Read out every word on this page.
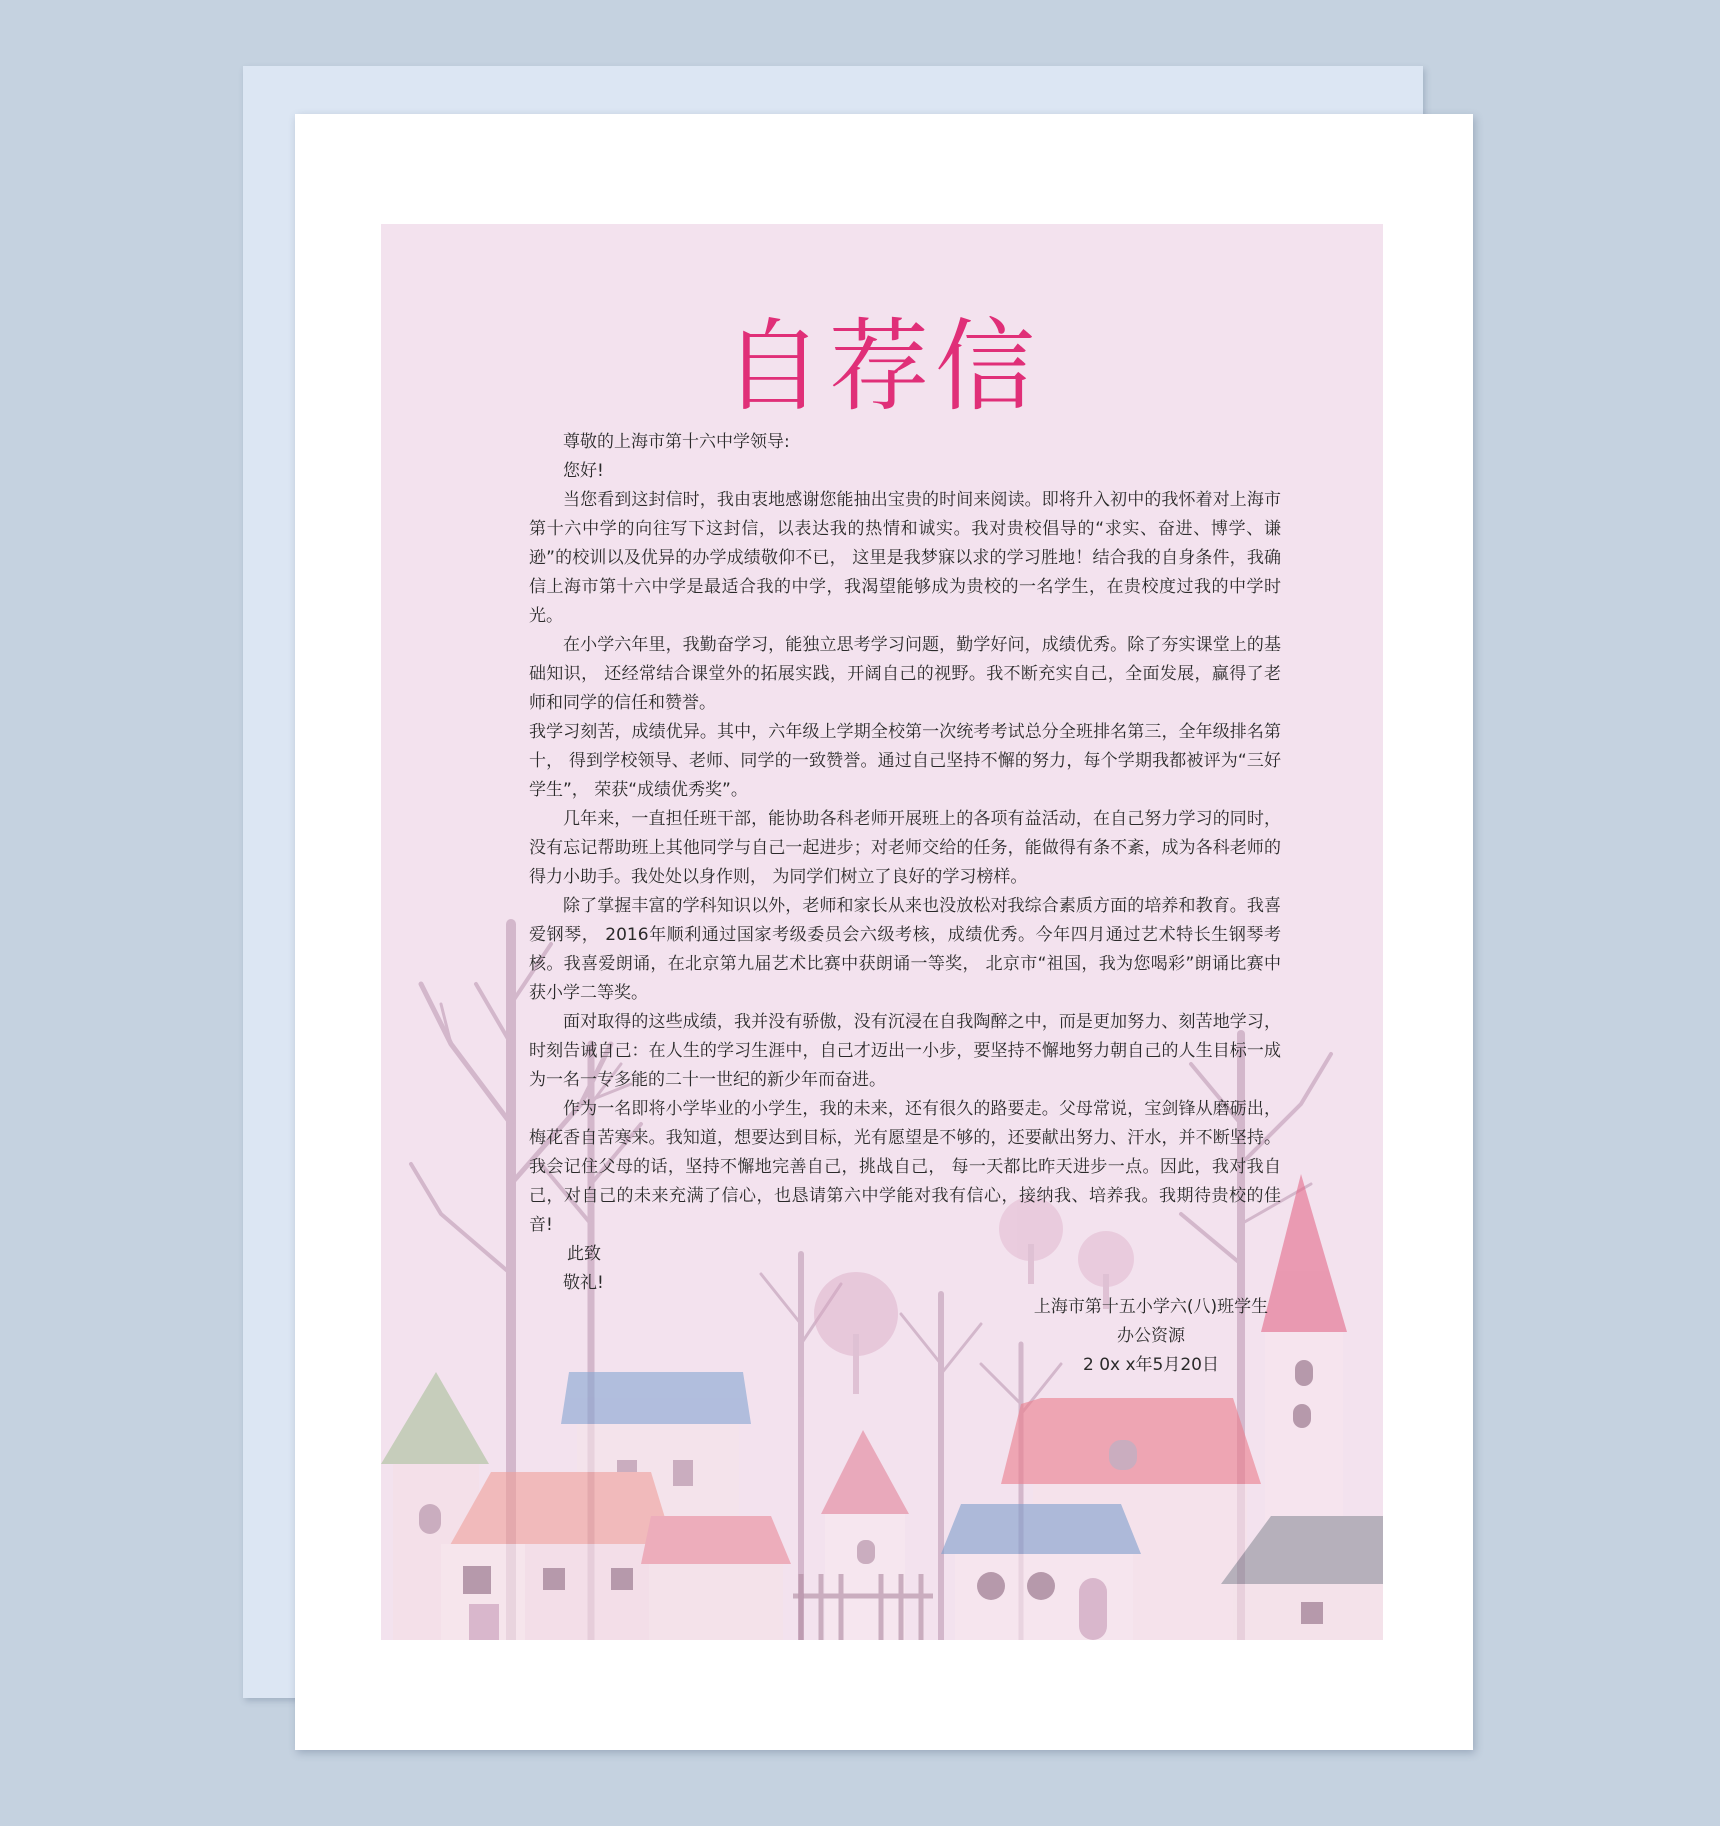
自荐信

尊敬的上海市第十六中学领导:

您好!

当您看到这封信时，我由衷地感谢您能抽出宝贵的时间来阅读。即将升入初中的我怀着对上海市第十六中学的向往写下这封信，以表达我的热情和诚实。我对贵校倡导的“求实、奋进、博学、谦逊”的校训以及优异的办学成绩敬仰不已， 这里是我梦寐以求的学习胜地！结合我的自身条件，我确信上海市第十六中学是最适合我的中学，我渴望能够成为贵校的一名学生，在贵校度过我的中学时光。

在小学六年里，我勤奋学习，能独立思考学习问题，勤学好问，成绩优秀。除了夯实课堂上的基础知识， 还经常结合课堂外的拓展实践，开阔自己的视野。我不断充实自己，全面发展，赢得了老师和同学的信任和赞誉。

我学习刻苦，成绩优异。其中，六年级上学期全校第一次统考考试总分全班排名第三，全年级排名第十， 得到学校领导、老师、同学的一致赞誉。通过自己坚持不懈的努力，每个学期我都被评为“三好学生”， 荣获“成绩优秀奖”。

几年来，一直担任班干部，能协助各科老师开展班上的各项有益活动，在自己努力学习的同时，没有忘记帮助班上其他同学与自己一起进步；对老师交给的任务，能做得有条不紊，成为各科老师的得力小助手。我处处以身作则， 为同学们树立了良好的学习榜样。

除了掌握丰富的学科知识以外，老师和家长从来也没放松对我综合素质方面的培养和教育。我喜爱钢琴， 2016年顺利通过国家考级委员会六级考核，成绩优秀。今年四月通过艺术特长生钢琴考核。我喜爱朗诵，在北京第九届艺术比赛中获朗诵一等奖， 北京市“祖国，我为您喝彩”朗诵比赛中获小学二等奖。

面对取得的这些成绩，我并没有骄傲，没有沉浸在自我陶醉之中，而是更加努力、刻苦地学习，时刻告诫自己：在人生的学习生涯中，自己才迈出一小步，要坚持不懈地努力朝自己的人生目标一成为一名一专多能的二十一世纪的新少年而奋进。

作为一名即将小学毕业的小学生，我的未来，还有很久的路要走。父母常说，宝剑锋从磨砺出，梅花香自苦寒来。我知道，想要达到目标，光有愿望是不够的，还要献出努力、汗水，并不断坚持。我会记住父母的话，坚持不懈地完善自己，挑战自己， 每一天都比昨天进步一点。因此，我对我自己，对自己的未来充满了信心，也恳请第六中学能对我有信心，接纳我、培养我。我期待贵校的佳音!

此致

敬礼!

上海市第十五小学六(八)班学生
办公资源
2 0x x年5月20日
